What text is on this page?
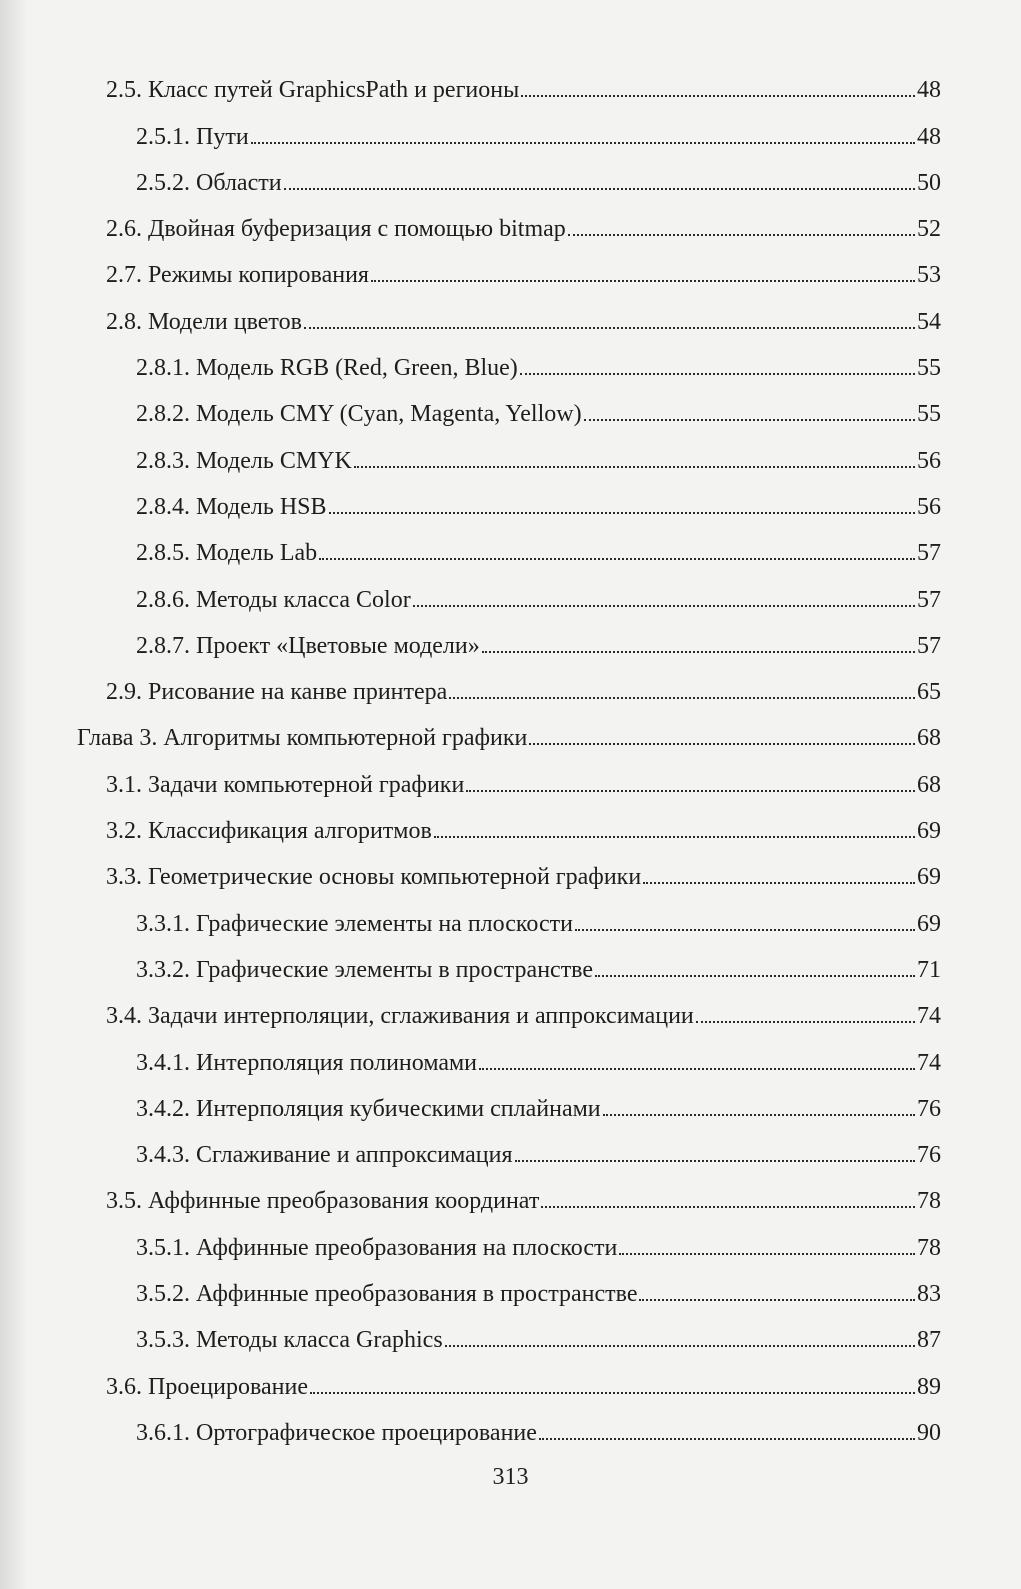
2.5. Класс путей GraphicsPath и регионы	48
2.5.1. Пути	48
2.5.2. Области	50
2.6. Двойная буферизация с помощью bitmap	52
2.7. Режимы копирования	53
2.8. Модели цветов	54
2.8.1. Модель RGB (Red, Green, Blue)	55
2.8.2. Модель CMY (Cyan, Magenta, Yellow)	55
2.8.3. Модель CMYK	56
2.8.4. Модель HSB	56
2.8.5. Модель Lab	57
2.8.6. Методы класса Color	57
2.8.7. Проект «Цветовые модели»	57
2.9. Рисование на канве принтера	65
Глава 3. Алгоритмы компьютерной графики	68
3.1. Задачи компьютерной графики	68
3.2. Классификация алгоритмов	69
3.3. Геометрические основы компьютерной графики	69
3.3.1. Графические элементы на плоскости	69
3.3.2. Графические элементы в пространстве	71
3.4. Задачи интерполяции, сглаживания и аппроксимации	74
3.4.1. Интерполяция полиномами	74
3.4.2. Интерполяция кубическими сплайнами	76
3.4.3. Сглаживание и аппроксимация	76
3.5. Аффинные преобразования координат	78
3.5.1. Аффинные преобразования на плоскости	78
3.5.2. Аффинные преобразования в пространстве	83
3.5.3. Методы класса Graphics	87
3.6. Проецирование	89
3.6.1. Ортографическое проецирование	90
313
